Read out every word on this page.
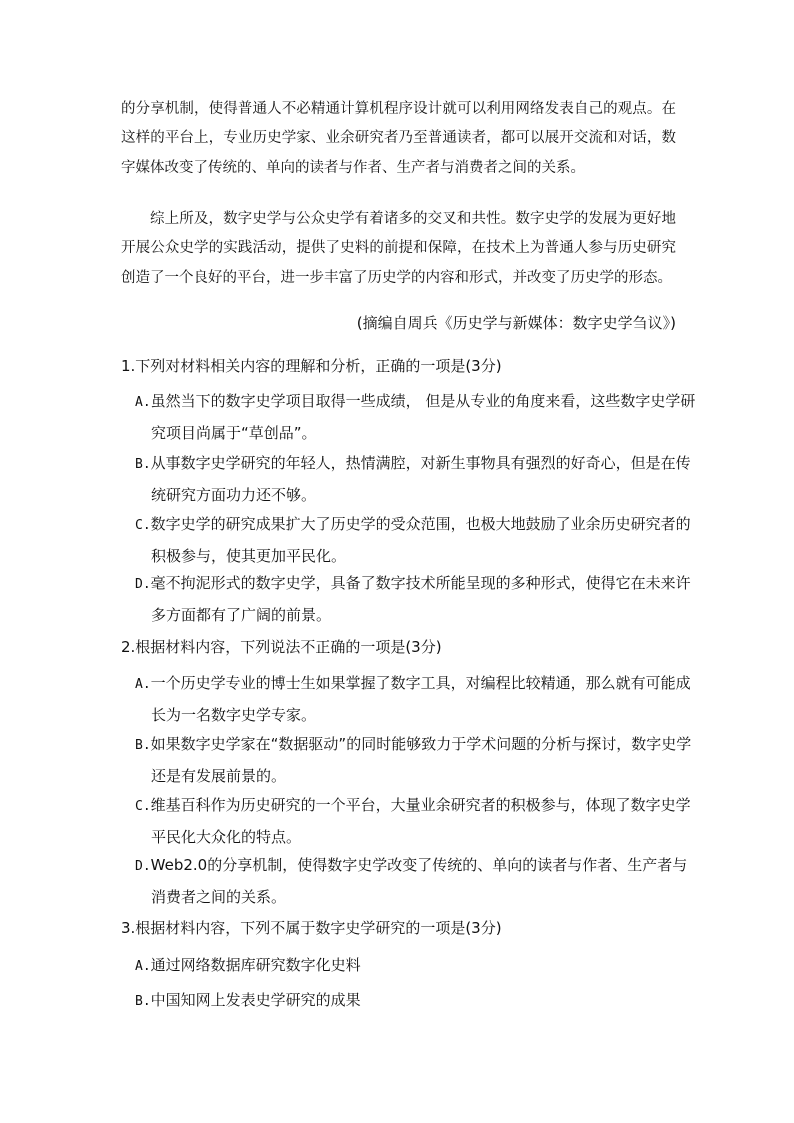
的分享机制，使得普通人不必精通计算机程序设计就可以利用网络发表自己的观点。在这样的平台上，专业历史学家、业余研究者乃至普通读者，都可以展开交流和对话，数字媒体改变了传统的、单向的读者与作者、生产者与消费者之间的关系。
综上所及，数字史学与公众史学有着诸多的交叉和共性。数字史学的发展为更好地开展公众史学的实践活动，提供了史料的前提和保障，在技术上为普通人参与历史研究创造了一个良好的平台，进一步丰富了历史学的内容和形式，并改变了历史学的形态。
(摘编自周兵《历史学与新媒体：数字史学刍议》)
1.下列对材料相关内容的理解和分析，正确的一项是(3分)
A.虽然当下的数字史学项目取得一些成绩， 但是从专业的角度来看，这些数字史学研究项目尚属于“草创品”。
B.从事数字史学研究的年轻人，热情满腔，对新生事物具有强烈的好奇心，但是在传统研究方面功力还不够。
C.数字史学的研究成果扩大了历史学的受众范围，也极大地鼓励了业余历史研究者的积极参与，使其更加平民化。
D.毫不拘泥形式的数字史学，具备了数字技术所能呈现的多种形式，使得它在未来许多方面都有了广阔的前景。
2.根据材料内容，下列说法不正确的一项是(3分)
A.一个历史学专业的博士生如果掌握了数字工具，对编程比较精通，那么就有可能成长为一名数字史学专家。
B.如果数字史学家在“数据驱动”的同时能够致力于学术问题的分析与探讨，数字史学还是有发展前景的。
C.维基百科作为历史研究的一个平台，大量业余研究者的积极参与，体现了数字史学平民化大众化的特点。
D.Web2.0的分享机制，使得数字史学改变了传统的、单向的读者与作者、生产者与消费者之间的关系。
3.根据材料内容，下列不属于数字史学研究的一项是(3分)
A.通过网络数据库研究数字化史料
B.中国知网上发表史学研究的成果
